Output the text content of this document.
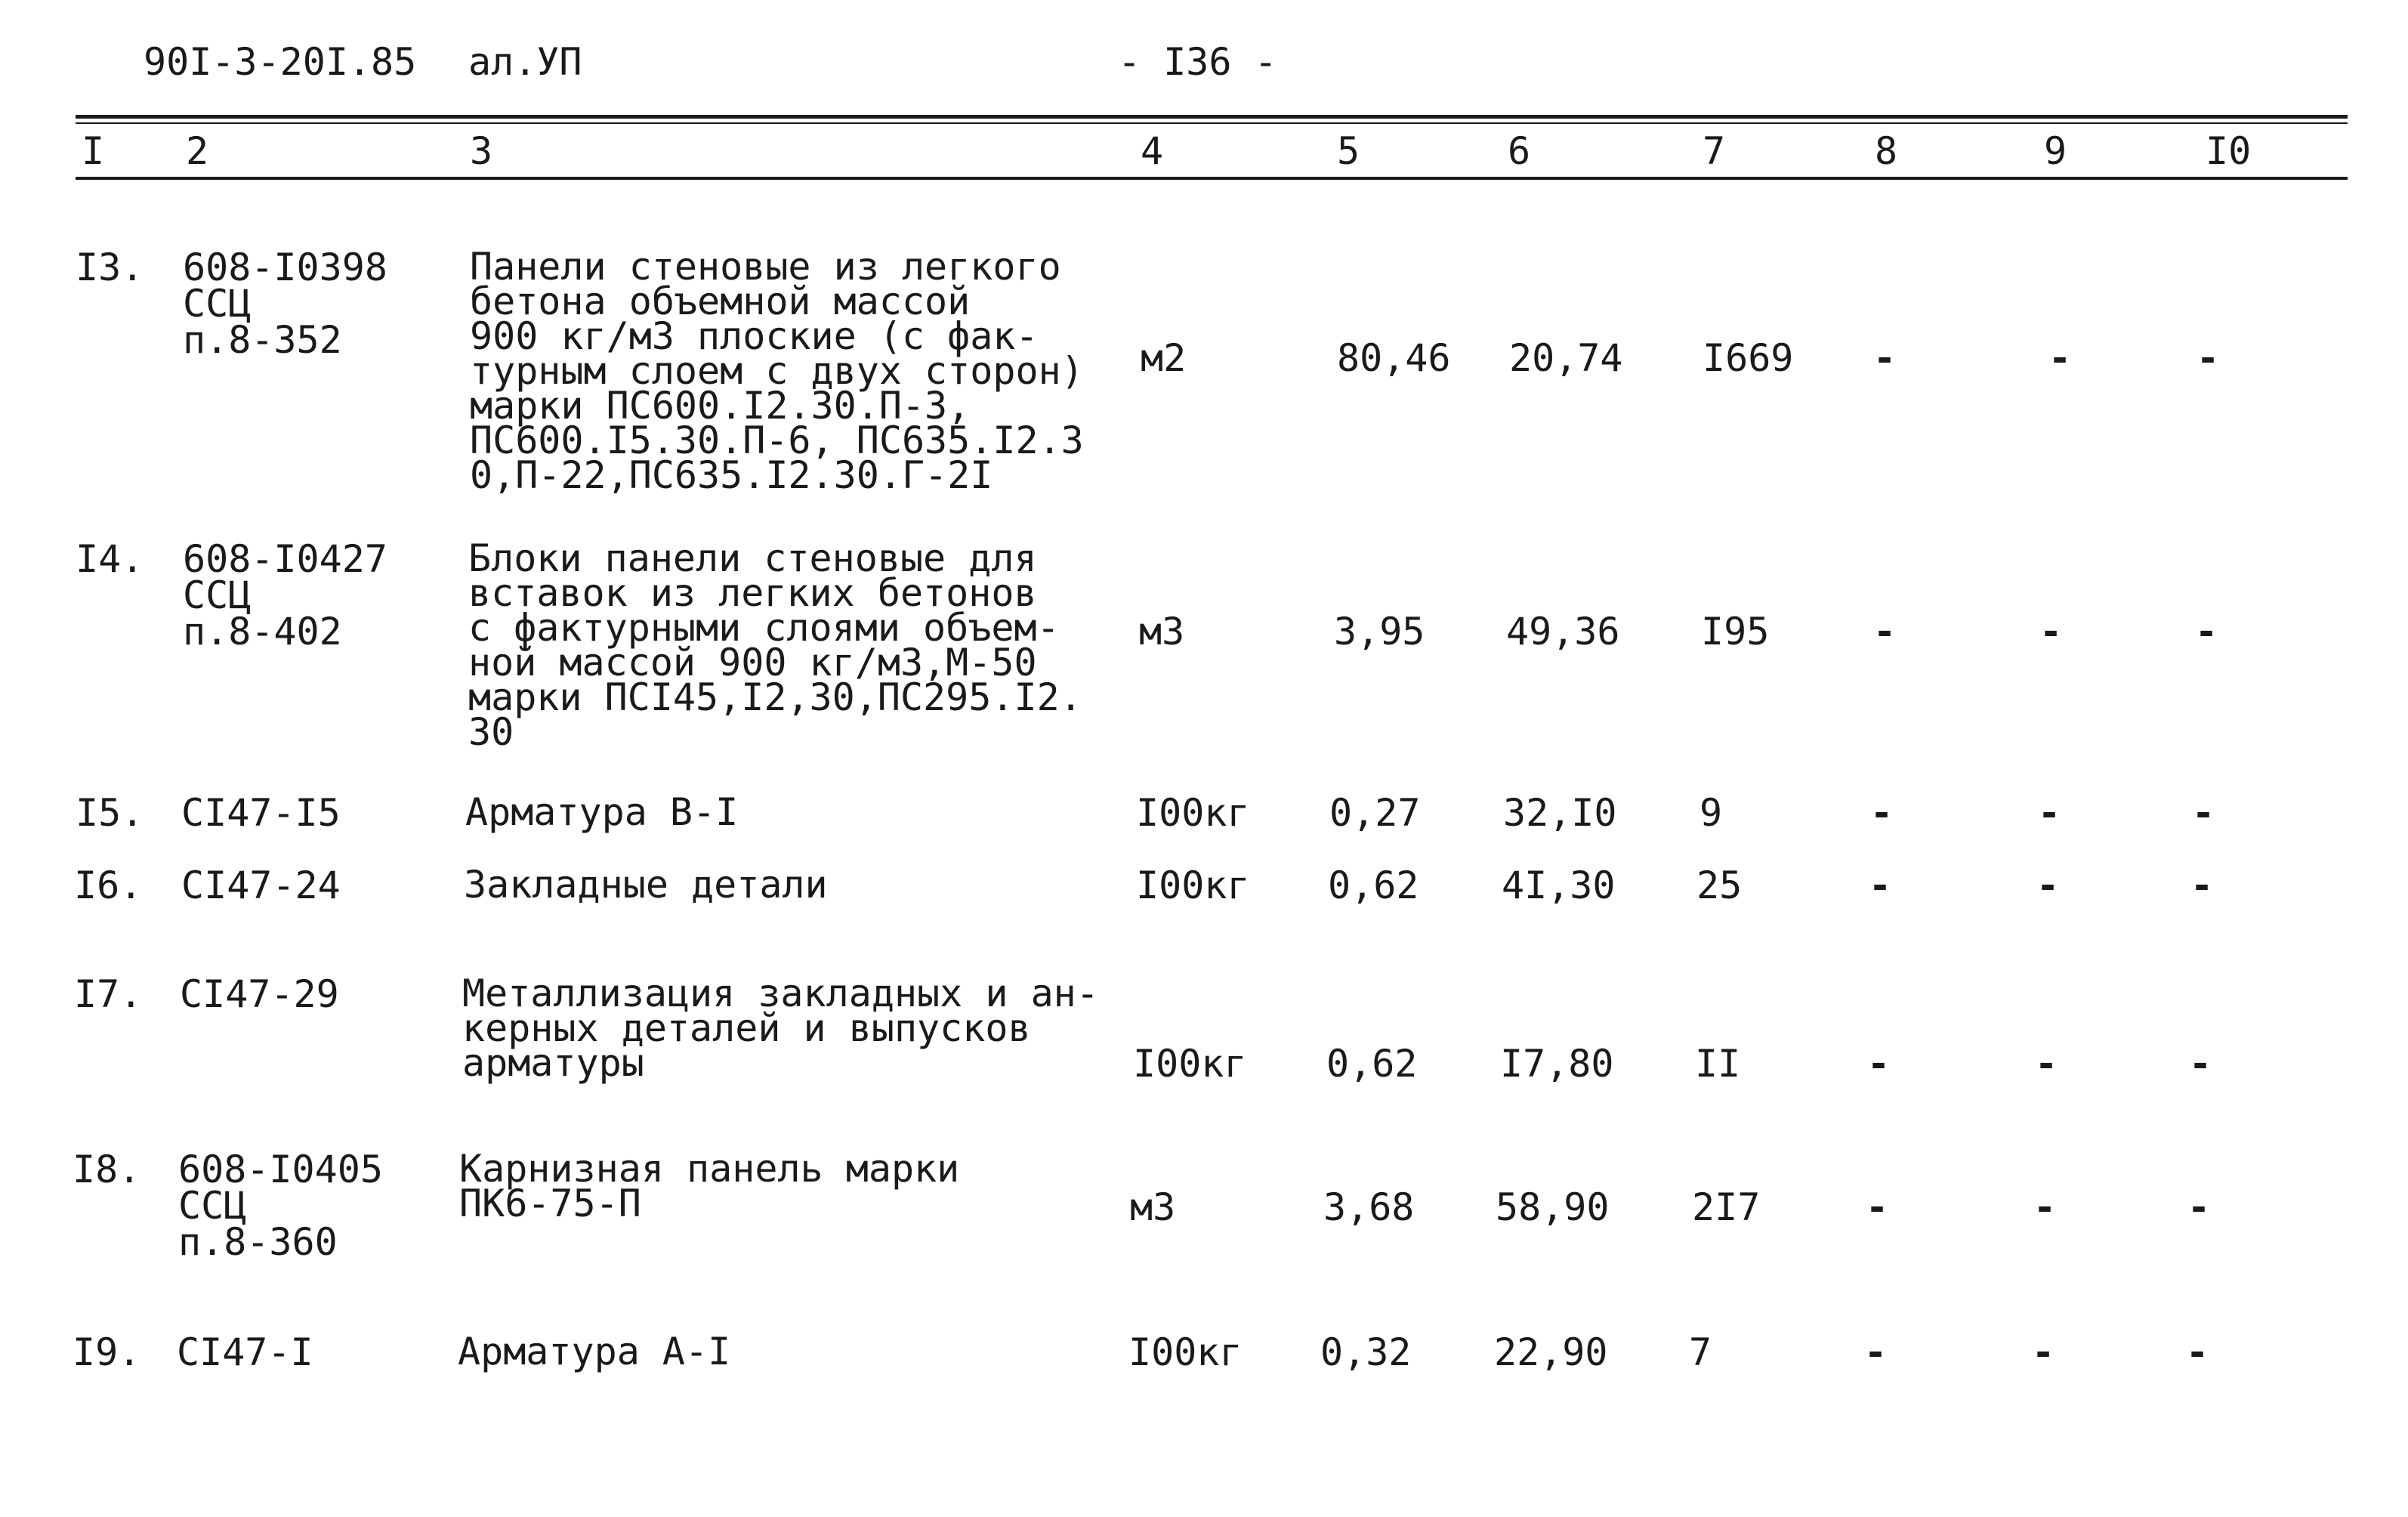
90I-3-20I.85 ал.УП	- I36 -
I 2	3	4	5	6	7	8	9	I0
I3. 608-I0398
ССЦ
п.8-352
Панели стеновые из легкого
бетона объемной массой
900 кг/м3 плоские (с фак-
турным слоем с двух сторон)
марки ПС600.I2.30.П-3,
ПС600.I5.30.П-6, ПС635.I2.3
0,П-22,ПС635.I2.30.Г-2I
м2	80,46 20,74 I669 -	-	-
I4. 608-I0427
ССЦ
п.8-402
Блоки панели стеновые для
вставок из легких бетонов
с фактурными слоями объем-
ной массой 900 кг/м3,М-50
марки ПСI45,I2,30,ПС295.I2.
30
м3	3,95 49,36 I95	-	-	-
I5. СI47-I5	Арматура В-I	I00кг 0,27 32,I0 9	-	-	-
I6. СI47-24	Закладные детали	I00кг 0,62 4I,30 25	-	-	-
I7. СI47-29	Металлизация закладных и ан-
керных деталей и выпусков
арматуры	I00кг 0,62 I7,80 II	-	-	-
I8. 608-I0405
ССЦ
п.8-360
Карнизная панель марки
ПК6-75-П	м3	3,68 58,90 2I7	-	-	-
I9. СI47-I	Арматура А-I	I00кг 0,32 22,90 7	-	-	-
